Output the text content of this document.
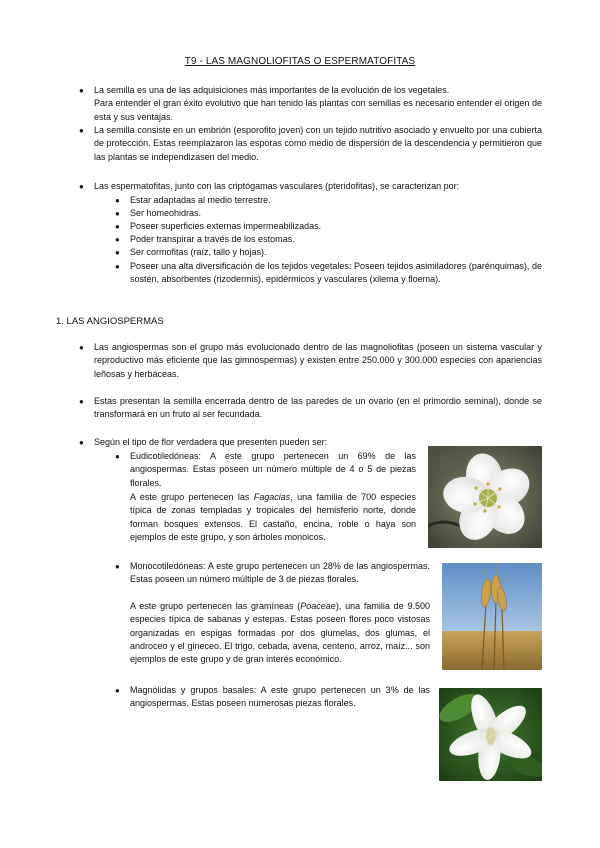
T9 - LAS MAGNOLIOFITAS O ESPERMATOFITAS
● La semilla es una de las adquisiciones más importantes de la evolución de los vegetales.
Para entender el gran éxito evolutivo que han tenido las plantas con semillas es necesario entender el origen de esta y sus ventajas.
● La semilla consiste en un embrión (esporofito joven) con un tejido nutritivo asociado y envuelto por una cubierta de protección. Estas reemplazaron las esporas como medio de dispersión de la descendencia y permitieron que las plantas se independizasen del medio.
● Las espermatofitas, junto con las criptógamas vasculares (pteridofitas), se caracterizan por:
● Estar adaptadas al medio terrestre.
● Ser homeohidras.
● Poseer superficies externas impermeabilizadas.
● Poder transpirar a través de los estomas.
● Ser cormofitas (raíz, tallo y hojas).
● Poseer una alta diversificación de los tejidos vegetales: Poseen tejidos asimiladores (parénquimas), de sostén, absorbentes (rizodermis), epidérmicos y vasculares (xilema y floema).
1. LAS ANGIOSPERMAS
● Las angiospermas son el grupo más evolucionado dentro de las magnoliofitas (poseen un sistema vascular y reproductivo más eficiente que las gimnospermas) y existen entre 250.000 y 300.000 especies con apariencias leñosas y herbáceas.
● Estas presentan la semilla encerrada dentro de las paredes de un ovario (en el primordio seminal), donde se transformará en un fruto al ser fecundada.
● Según el tipo de flor verdadera que presenten pueden ser:
● Eudicotiledóneas: A este grupo pertenecen un 69% de las angiospermas. Estas poseen un número múltiple de 4 o 5 de piezas florales.
A este grupo pertenecen las Fagacias, una familia de 700 especies típica de zonas templadas y tropicales del hemisferio norte, donde forman bosques extensos. El castaño, encina, roble o haya son ejemplos de este grupo, y son árboles monoicos.
● Monocotiledóneas: A este grupo pertenecen un 28% de las angiospermas. Estas poseen un número múltiple de 3 de piezas florales.
A este grupo pertenecen las gramíneas (Poaceae), una familia de 9.500 especies típica de sabanas y estepas. Estas poseen flores poco vistosas organizadas en espigas formadas por dos glumelas, dos glumas, el androceo y el gineceo. El trigo, cebada, avena, centeno, arroz, maíz... son ejemplos de este grupo y de gran interés económico.
● Magnólidas y grupos basales: A este grupo pertenecen un 3% de las angiospermas. Estas poseen numerosas piezas florales.
